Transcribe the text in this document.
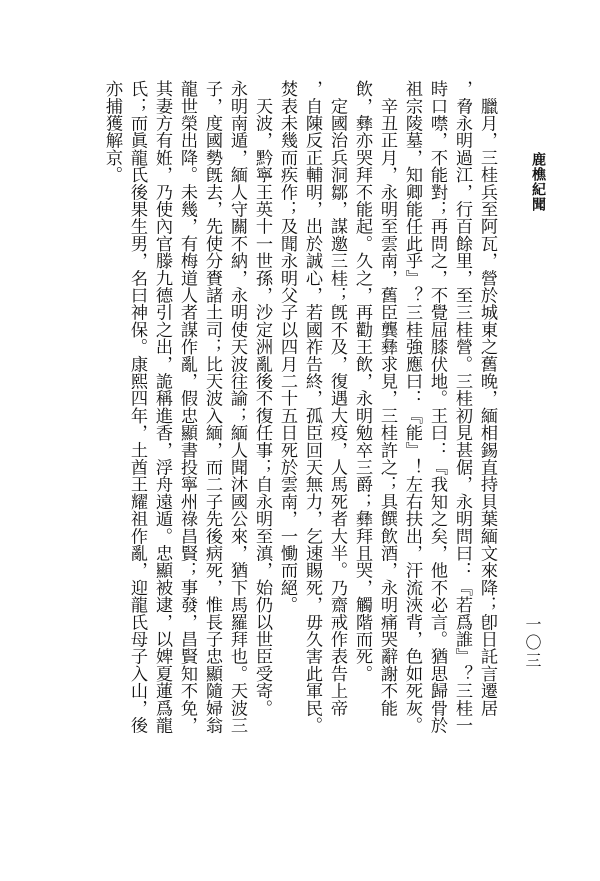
鹿樵紀聞
一〇三
　臘月，三桂兵至阿瓦，營於城東之舊晚，緬相錫直持貝葉緬文來降；卽日託言遷居
，脅永明過江，行百餘里，至三桂營。三桂初見甚倨，永明問曰：『若爲誰』？三桂一
時口噤，不能對；再問之，不覺屈膝伏地。王曰：『我知之矣，他不必言。猶思歸骨於
祖宗陵墓，知卿能任此乎』？三桂強應曰：『能』！左右扶出，汗流浹背，色如死灰。
　辛丑正月，永明至雲南，舊臣龔彝求見，三桂許之；具饌飲酒，永明痛哭辭謝不能
飲，彝亦哭拜不能起。久之，再勸王飲，永明勉卒三爵；彝拜且哭，觸階而死。
　定國治兵洞鄒，謀邀三桂；旣不及，復遇大疫，人馬死者大半。乃齋戒作表告上帝
，自陳反正輔明，出於誠心，若國祚告終，孤臣回天無力，乞速賜死，毋久害此軍民。
焚表未幾而疾作；及聞永明父子以四月二十五日死於雲南，一慟而絕。
　天波，黔寧王英十一世孫，沙定洲亂後不復任事；自永明至滇，始仍以世臣受寄。
永明南遁，緬人守關不納，永明使天波往諭；緬人聞沐國公來，猶下馬羅拜也。天波三
子，度國勢旣去，先使分賚諸土司；比天波入緬，而二子先後病死，惟長子忠顯隨婦翁
龍世榮出降。未幾，有梅道人者謀作亂，假忠顯書投寧州祿昌賢；事發，昌賢知不免，
其妻方有姙，乃使內官滕九德引之出，詭稱進香，浮舟遠遁。忠顯被逮，以婢夏蓮爲龍
氏；而眞龍氏後果生男，名曰神保。康熙四年，土酋王耀祖作亂，迎龍氏母子入山，後
亦捕獲解京。
